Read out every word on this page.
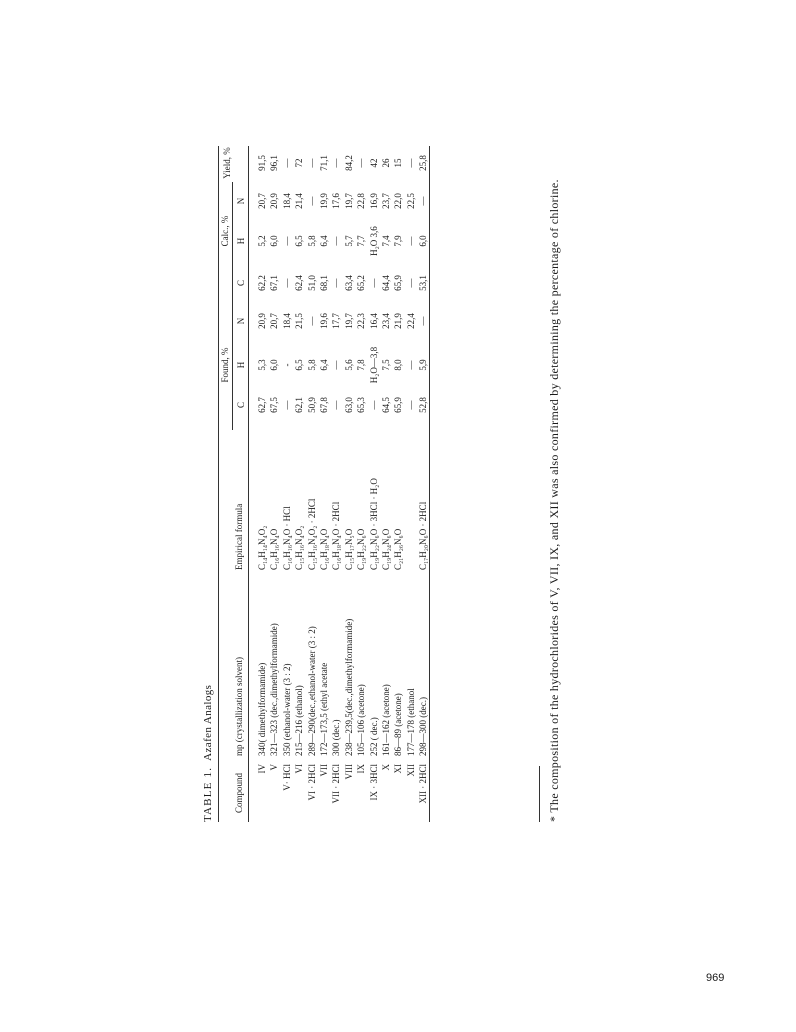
TABLE 1.Azafen Analogs
Compound
mp (crystallization solvent)
Empirical formula
Found, %
Calc., %
Yield, %
C
H
N
C
H
N
IV
340( dimethylformamide)
C₁₄H₁₄N₄O₂
62,7
5,3
20,9
62,2
5,2
20,7
91,5
V
321—323 (dec.,dimethylformamide)
C₁₆H₁₆N₄O
67,5
6,0
20,7
67,1
6,0
20,9
96,1
V· HCl
350 (ethanol-water (3 : 2)
C₁₆H₁₆N₄O · HCl
—
-
18,4
—
—
18,4
—
VI
215—216 (ethanol)
C₁₅H₁₆N₄O₂
62,1
6,5
21,5
62,4
6,5
21,4
72
VI · 2HCl
289—290(dec.,ethanol-water (3 : 2)
C₁₅H₁₆N₄O₂ · 2HCl
50,9
5,8
—
51,0
5,8
—
—
VII
172—173,5 (ethyl acetate
C₁₆H₁₈N₄O
67,8
6,4
19,6
68,1
6,4
19,9
71,1
VII · 2HCl
300 (dec.)
C₁₆H₁₈N₄O · 2HCl
—
—
17,7
—
—
17,6
—
VIII
238—239,5(dec.,dimethylformamide)
C₁₅H₁₇N₅O
63,0
5,6
19,7
63,4
5,7
19,7
84,2
IX
105—106 (acetone)
C₁₉H₂₂N₆O
65,3
7,8
22,3
65,2
7,7
22,8
—
IX · 3HCl
252 ( dec.)
C₁₉H₂₂N₆O · 3HCl · H₂O
—
H₂O—3,8
16,4
—
H₂O 3,6
16,9
42
X
161—162 (acetone)
C₁₉H₂₄N₆O
64,5
7,5
23,4
64,4
7,4
23,7
26
XI
86—89 (acetone)
C₂₁H₂₆N₆O
65,9
8,0
21,9
65,9
7,9
22,0
15
XII
177—178 (ethanol
—
—
22,4
—
—
22,5
—
XII · 2HCl
298—300 (dec.)
C₁₇H₂₀N₆O · 2HCl
52,8
5,9
—
53,1
6,0
—
25,8
* The composition of the hydrochlorides of V, VII, IX, and XII was also confirmed by determining the percentage of chlorine.
969
